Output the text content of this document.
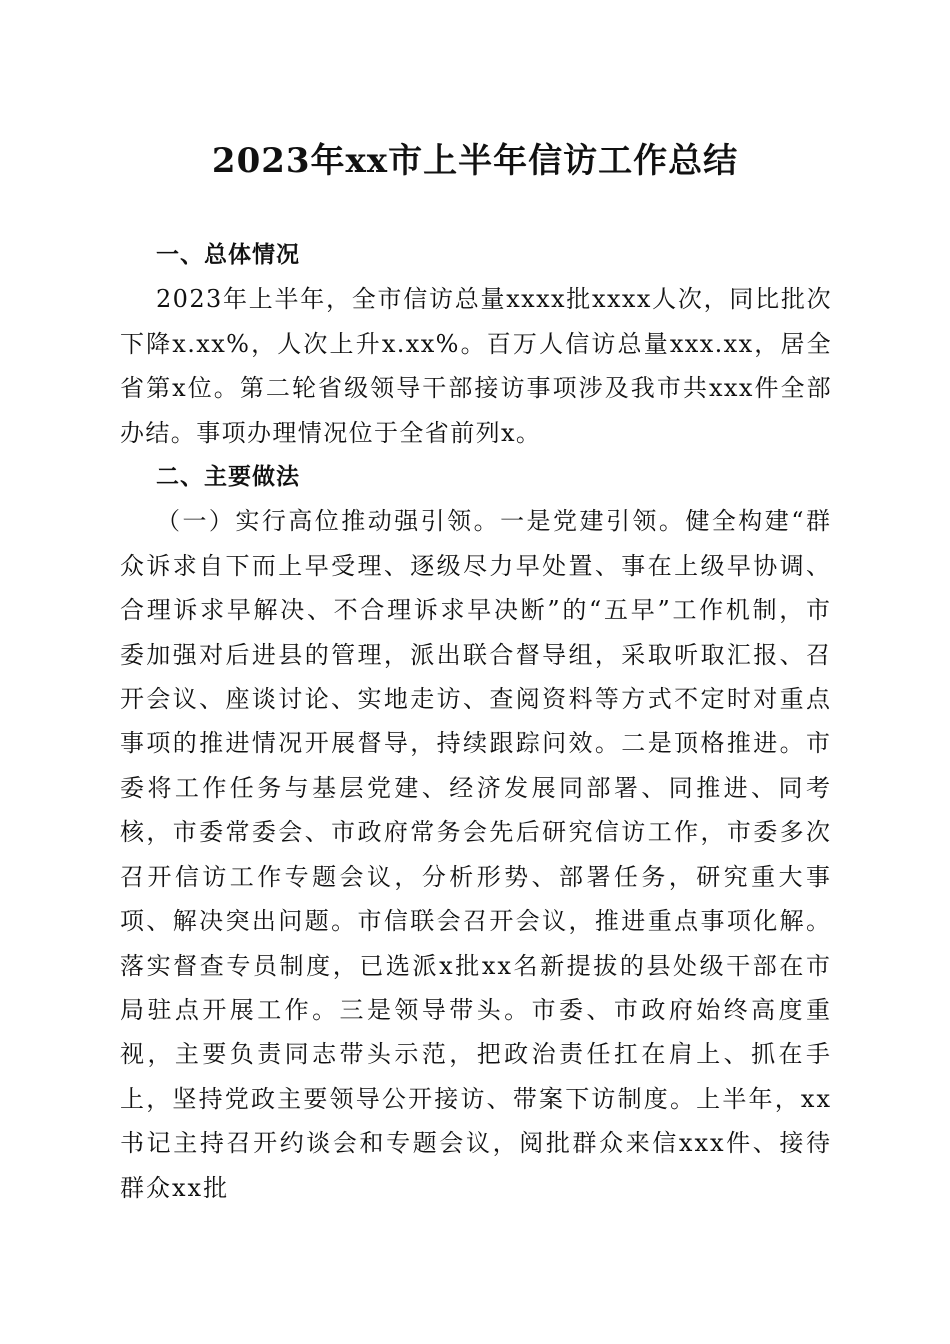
2023年xx市上半年信访工作总结

一、总体情况

2023年上半年，全市信访总量xxxx批xxxx人次，同比批次下降x.xx%，人次上升x.xx%。百万人信访总量xxx.xx，居全省第x位。第二轮省级领导干部接访事项涉及我市共xxx件全部办结。事项办理情况位于全省前列x。

二、主要做法

（一）实行高位推动强引领。一是党建引领。健全构建“群众诉求自下而上早受理、逐级尽力早处置、事在上级早协调、合理诉求早解决、不合理诉求早决断”的“五早”工作机制，市委加强对后进县的管理，派出联合督导组，采取听取汇报、召开会议、座谈讨论、实地走访、查阅资料等方式不定时对重点事项的推进情况开展督导，持续跟踪问效。二是顶格推进。市委将工作任务与基层党建、经济发展同部署、同推进、同考核，市委常委会、市政府常务会先后研究信访工作，市委多次召开信访工作专题会议，分析形势、部署任务，研究重大事项、解决突出问题。市信联会召开会议，推进重点事项化解。落实督查专员制度，已选派x批xx名新提拔的县处级干部在市局驻点开展工作。三是领导带头。市委、市政府始终高度重视，主要负责同志带头示范，把政治责任扛在肩上、抓在手上，坚持党政主要领导公开接访、带案下访制度。上半年，xx书记主持召开约谈会和专题会议，阅批群众来信xxx件、接待群众xx批
